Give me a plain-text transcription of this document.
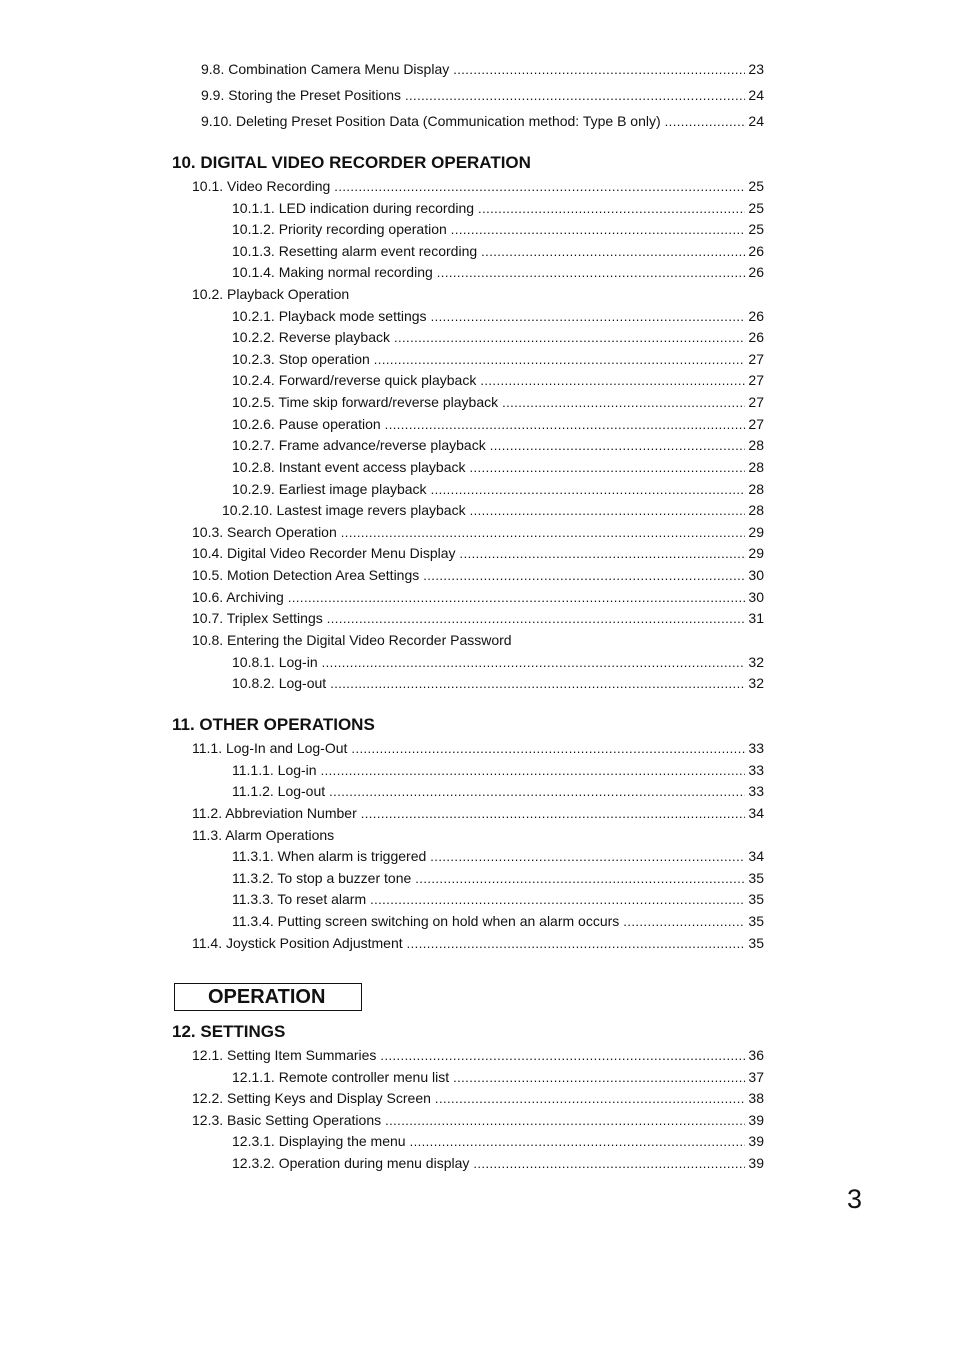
9.8. Combination Camera Menu Display . . .	23
9.9. Storing the Preset Positions . . .	24
9.10. Deleting Preset Position Data (Communication method: Type B only) . . .	24
10. DIGITAL VIDEO RECORDER OPERATION
10.1. Video Recording . . .	25
10.1.1. LED indication during recording . . .	25
10.1.2. Priority recording operation . . .	25
10.1.3. Resetting alarm event recording . . .	26
10.1.4. Making normal recording . . .	26
10.2. Playback Operation
10.2.1. Playback mode settings . . .	26
10.2.2. Reverse playback . . .	26
10.2.3. Stop operation . . .	27
10.2.4. Forward/reverse quick playback . . .	27
10.2.5. Time skip forward/reverse playback . . .	27
10.2.6. Pause operation . . .	27
10.2.7. Frame advance/reverse playback . . .	28
10.2.8. Instant event access playback . . .	28
10.2.9. Earliest image playback . . .	28
10.2.10. Lastest image revers playback . . .	28
10.3. Search Operation . . .	29
10.4. Digital Video Recorder Menu Display . . .	29
10.5. Motion Detection Area Settings . . .	30
10.6. Archiving . . .	30
10.7. Triplex Settings . . .	31
10.8. Entering the Digital Video Recorder Password
10.8.1. Log-in . . .	32
10.8.2. Log-out . . .	32
11. OTHER OPERATIONS
11.1. Log-In and Log-Out . . .	33
11.1.1. Log-in . . .	33
11.1.2. Log-out . . .	33
11.2. Abbreviation Number . . .	34
11.3. Alarm Operations
11.3.1. When alarm is triggered . . .	34
11.3.2. To stop a buzzer tone . . .	35
11.3.3. To reset alarm . . .	35
11.3.4. Putting screen switching on hold when an alarm occurs . . .	35
11.4. Joystick Position Adjustment . . .	35
OPERATION
12. SETTINGS
12.1. Setting Item Summaries . . .	36
12.1.1. Remote controller menu list . . .	37
12.2. Setting Keys and Display Screen . . .	38
12.3. Basic Setting Operations . . .	39
12.3.1. Displaying the menu . . .	39
12.3.2. Operation during menu display . . .	39
3
